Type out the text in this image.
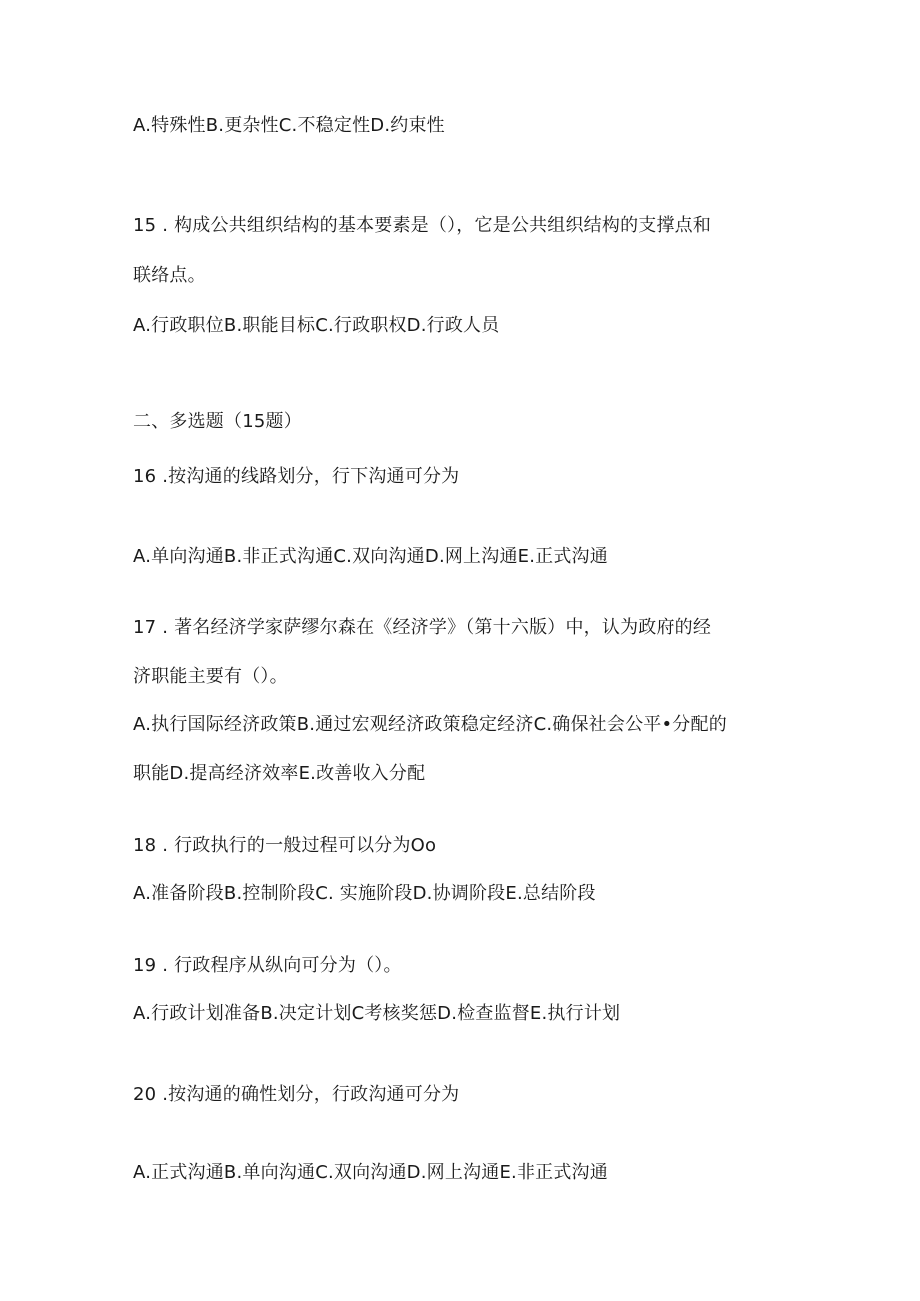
A.特殊性B.更杂性C.不稳定性D.约束性
15 . 构成公共组织结构的基本要素是（），它是公共组织结构的支撑点和
联络点。
A.行政职位B.职能目标C.行政职权D.行政人员
二、多选题（15题）
16 .按沟通的线路划分，行下沟通可分为
A.单向沟通B.非正式沟通C.双向沟通D.网上沟通E.正式沟通
17 . 著名经济学家萨缪尔森在《经济学》（第十六版）中，认为政府的经
济职能主要有（）。
A.执行国际经济政策B.通过宏观经济政策稳定经济C.确保社会公平•分配的
职能D.提高经济效率E.改善收入分配
18 . 行政执行的一般过程可以分为Oo
A.准备阶段B.控制阶段C. 实施阶段D.协调阶段E.总结阶段
19 . 行政程序从纵向可分为（）。
A.行政计划准备B.决定计划C考核奖惩D.检查监督E.执行计划
20 .按沟通的确性划分，行政沟通可分为
A.正式沟通B.单向沟通C.双向沟通D.网上沟通E.非正式沟通
